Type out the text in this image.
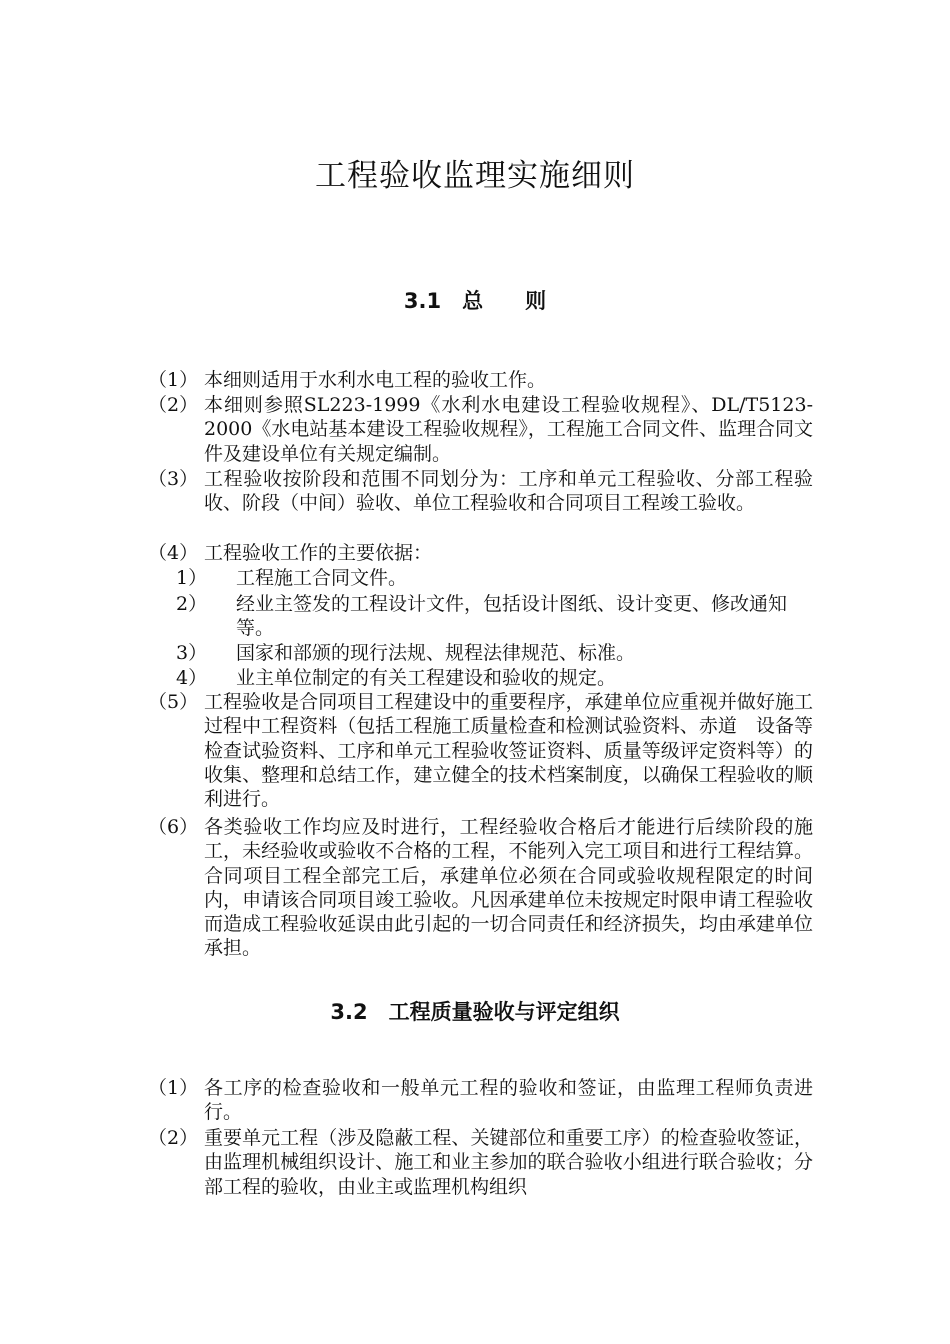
工程验收监理实施细则
3.1　总　　则
（1） 本细则适用于水利水电工程的验收工作。
（2） 本细则参照SL223-1999《水利水电建设工程验收规程》、DL/T5123-2000《水电站基本建设工程验收规程》，工程施工合同文件、监理合同文件及建设单位有关规定编制。
（3） 工程验收按阶段和范围不同划分为：工序和单元工程验收、分部工程验收、阶段（中间）验收、单位工程验收和合同项目工程竣工验收。
（4） 工程验收工作的主要依据：
1）	工程施工合同文件。
2）	经业主签发的工程设计文件，包括设计图纸、设计变更、修改通知等。
3）	国家和部颁的现行法规、规程法律规范、标准。
4）	业主单位制定的有关工程建设和验收的规定。
（5） 工程验收是合同项目工程建设中的重要程序，承建单位应重视并做好施工过程中工程资料（包括工程施工质量检查和检测试验资料、赤道　设备等检查试验资料、工序和单元工程验收签证资料、质量等级评定资料等）的收集、整理和总结工作，建立健全的技术档案制度，以确保工程验收的顺利进行。
（6） 各类验收工作均应及时进行，工程经验收合格后才能进行后续阶段的施工，未经验收或验收不合格的工程，不能列入完工项目和进行工程结算。合同项目工程全部完工后，承建单位必须在合同或验收规程限定的时间内，申请该合同项目竣工验收。凡因承建单位未按规定时限申请工程验收而造成工程验收延误由此引起的一切合同责任和经济损失，均由承建单位承担。
3.2　工程质量验收与评定组织
（1） 各工序的检查验收和一般单元工程的验收和签证，由监理工程师负责进行。
（2） 重要单元工程（涉及隐蔽工程、关键部位和重要工序）的检查验收签证，由监理机械组织设计、施工和业主参加的联合验收小组进行联合验收；分部工程的验收，由业主或监理机构组织
